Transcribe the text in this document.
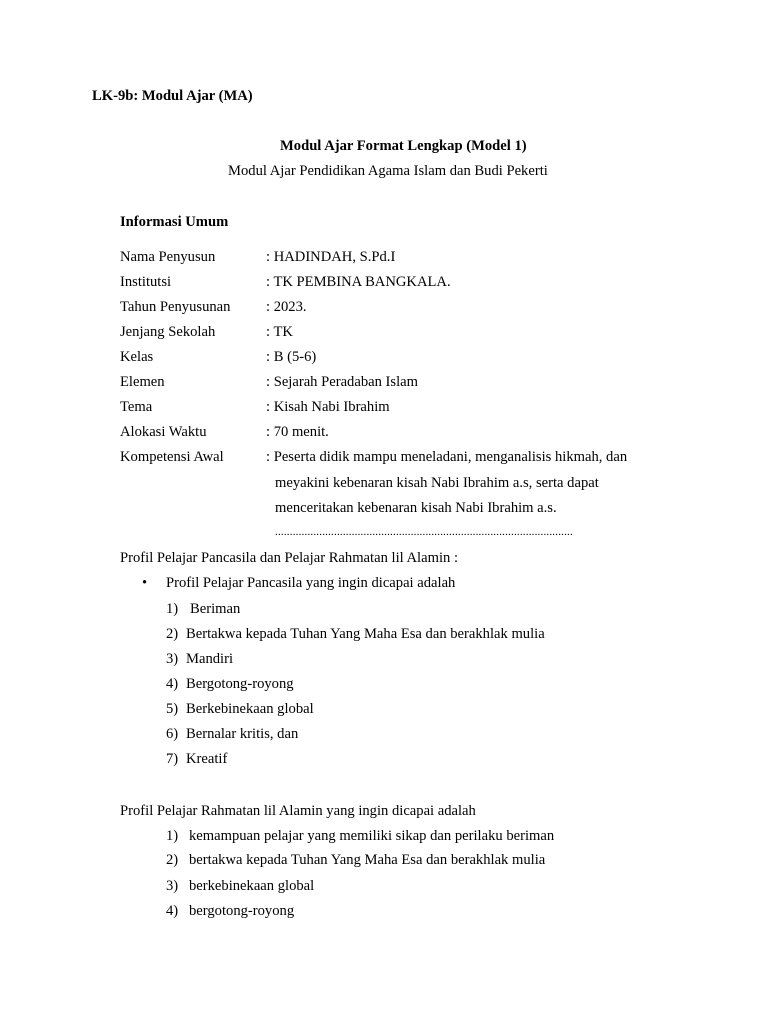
LK-9b: Modul Ajar (MA)
Modul Ajar Format Lengkap (Model 1)
Modul Ajar Pendidikan Agama Islam dan Budi Pekerti
Informasi Umum
Nama Penyusun	: HADINDAH, S.Pd.I
Institutsi	: TK PEMBINA BANGKALA.
Tahun Penyusunan : 2023.
Jenjang Sekolah	: TK
Kelas	: B (5-6)
Elemen	: Sejarah Peradaban Islam
Tema	: Kisah Nabi Ibrahim
Alokasi Waktu	: 70 menit.
Kompetensi Awal	: Peserta didik mampu meneladani, menganalisis hikmah, dan
meyakini kebenaran kisah Nabi Ibrahim a.s, serta dapat
menceritakan kebenaran kisah Nabi Ibrahim a.s.
.....................................................................................................
Profil Pelajar Pancasila dan Pelajar Rahmatan lil Alamin :
• Profil Pelajar Pancasila yang ingin dicapai adalah
1) Beriman
2) Bertakwa kepada Tuhan Yang Maha Esa dan berakhlak mulia
3) Mandiri
4) Bergotong-royong
5) Berkebinekaan global
6) Bernalar kritis, dan
7) Kreatif
Profil Pelajar Rahmatan lil Alamin yang ingin dicapai adalah
1) kemampuan pelajar yang memiliki sikap dan perilaku beriman
2) bertakwa kepada Tuhan Yang Maha Esa dan berakhlak mulia
3) berkebinekaan global
4) bergotong-royong
